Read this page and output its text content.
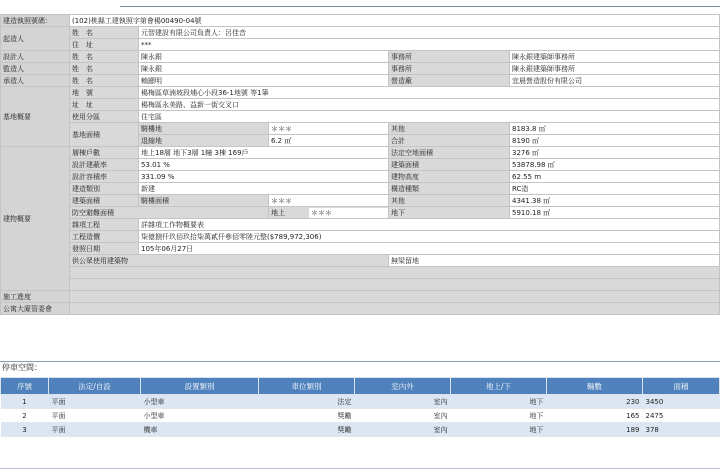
建造執照號碼：	(102)桃縣工建執照字第會楊00490-04號				
起造人	姓　名	元智建設有限公司負責人：呂佳音			
	住　址	***			
設計人	姓　名	陳永銀		事務所	陳永銀建築師事務所
監造人	姓　名	陳永銀		事務所	陳永銀建築師事務所
承造人	姓　名	賴顯明		營造廠	宜晨營造股份有限公司
基地概要	地　號	楊梅區草湳坡段埔心小段36-1地號 等1筆			
	址　址	楊梅區永美路、益新一街交叉口			
	使用分區	住宅區			
	基地面積	騎樓地	＊＊＊	其他	8183.8 ㎡
		退縮地	6.2 ㎡	合計	8190 ㎡
建物概要	層棟戶數	地上18層 地下3層 1幢 3棟 169戶		法定空地面積	3276 ㎡
	設計建蔽率	53.01 %		建築面積	53878.98 ㎡
	設計容積率	331.09 %		建物高度	62.55 m
	建造類別	新建		構造種類	RC造
	建築面積	騎樓面積	＊＊＊	其他	4341.38 ㎡
	防空避難面積		地上 ＊＊＊	地下	5910.18 ㎡
	雜項工程	詳雜項工作物概要表			
	工程造價	柒億捌仟玖佰玖拾柒萬貳仟參佰零陸元整($789,972,306)			
	發照日期	105年06月27日			
	供公眾使用建築物			無梁留地	

施工進度					
公寓大廈管委會					
停車空間：
序號	法定/自設	設置類別	車位類別	室內外	地上/下	輛數	面積
1	平面	小型車	法定	室內	地下	230	3450
2	平面	小型車	獎勵	室內	地下	165	2475
3	平面	機車	獎勵	室內	地下	189	378
